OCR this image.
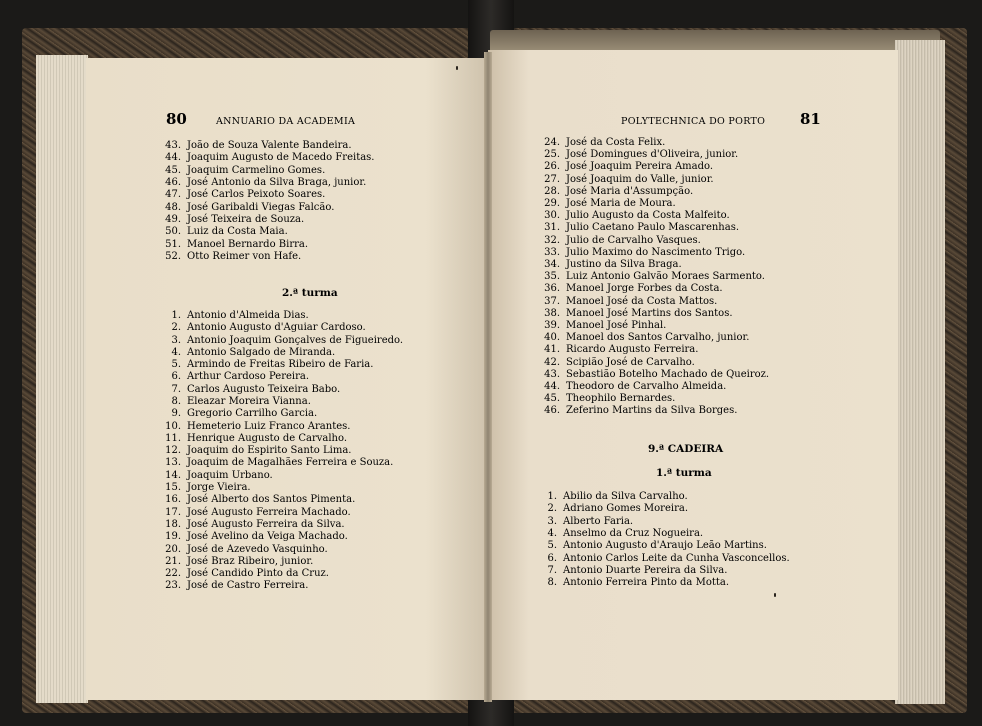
80	ANNUARIO DA ACADEMIA
43. João de Souza Valente Bandeira.
44. Joaquim Augusto de Macedo Freitas.
45. Joaquim Carmelino Gomes.
46. José Antonio da Silva Braga, junior.
47. José Carlos Peixoto Soares.
48. José Garibaldi Viegas Falcão.
49. José Teixeira de Souza.
50. Luiz da Costa Maia.
51. Manoel Bernardo Birra.
52. Otto Reimer von Hafe.
2.ª turma
1. Antonio d'Almeida Dias.
2. Antonio Augusto d'Aguiar Cardoso.
3. Antonio Joaquim Gonçalves de Figueiredo.
4. Antonio Salgado de Miranda.
5. Armindo de Freitas Ribeiro de Faria.
6. Arthur Cardoso Pereira.
7. Carlos Augusto Teixeira Babo.
8. Eleazar Moreira Vianna.
9. Gregorio Carrilho Garcia.
10. Hemeterio Luiz Franco Arantes.
11. Henrique Augusto de Carvalho.
12. Joaquim do Espirito Santo Lima.
13. Joaquim de Magalhães Ferreira e Souza.
14. Joaquim Urbano.
15. Jorge Vieira.
16. José Alberto dos Santos Pimenta.
17. José Augusto Ferreira Machado.
18. José Augusto Ferreira da Silva.
19. José Avelino da Veiga Machado.
20. José de Azevedo Vasquinho.
21. José Braz Ribeiro, junior.
22. José Candido Pinto da Cruz.
23. José de Castro Ferreira.
POLYTECHNICA DO PORTO 81
24. José da Costa Felix.
25. José Domingues d'Oliveira, junior.
26. José Joaquim Pereira Amado.
27. José Joaquim do Valle, junior.
28. José Maria d'Assumpção.
29. José Maria de Moura.
30. Julio Augusto da Costa Malfeito.
31. Julio Caetano Paulo Mascarenhas.
32. Julio de Carvalho Vasques.
33. Julio Maximo do Nascimento Trigo.
34. Justino da Silva Braga.
35. Luiz Antonio Galvão Moraes Sarmento.
36. Manoel Jorge Forbes da Costa.
37. Manoel José da Costa Mattos.
38. Manoel José Martins dos Santos.
39. Manoel José Pinhal.
40. Manoel dos Santos Carvalho, junior.
41. Ricardo Augusto Ferreira.
42. Scipião José de Carvalho.
43. Sebastião Botelho Machado de Queiroz.
44. Theodoro de Carvalho Almeida.
45. Theophilo Bernardes.
46. Zeferino Martins da Silva Borges.
9.ª CADEIRA
1.ª turma
1. Abilio da Silva Carvalho.
2. Adriano Gomes Moreira.
3. Alberto Faria.
4. Anselmo da Cruz Nogueira.
5. Antonio Augusto d'Araujo Leão Martins.
6. Antonio Carlos Leite da Cunha Vasconcellos.
7. Antonio Duarte Pereira da Silva.
8. Antonio Ferreira Pinto da Motta.
